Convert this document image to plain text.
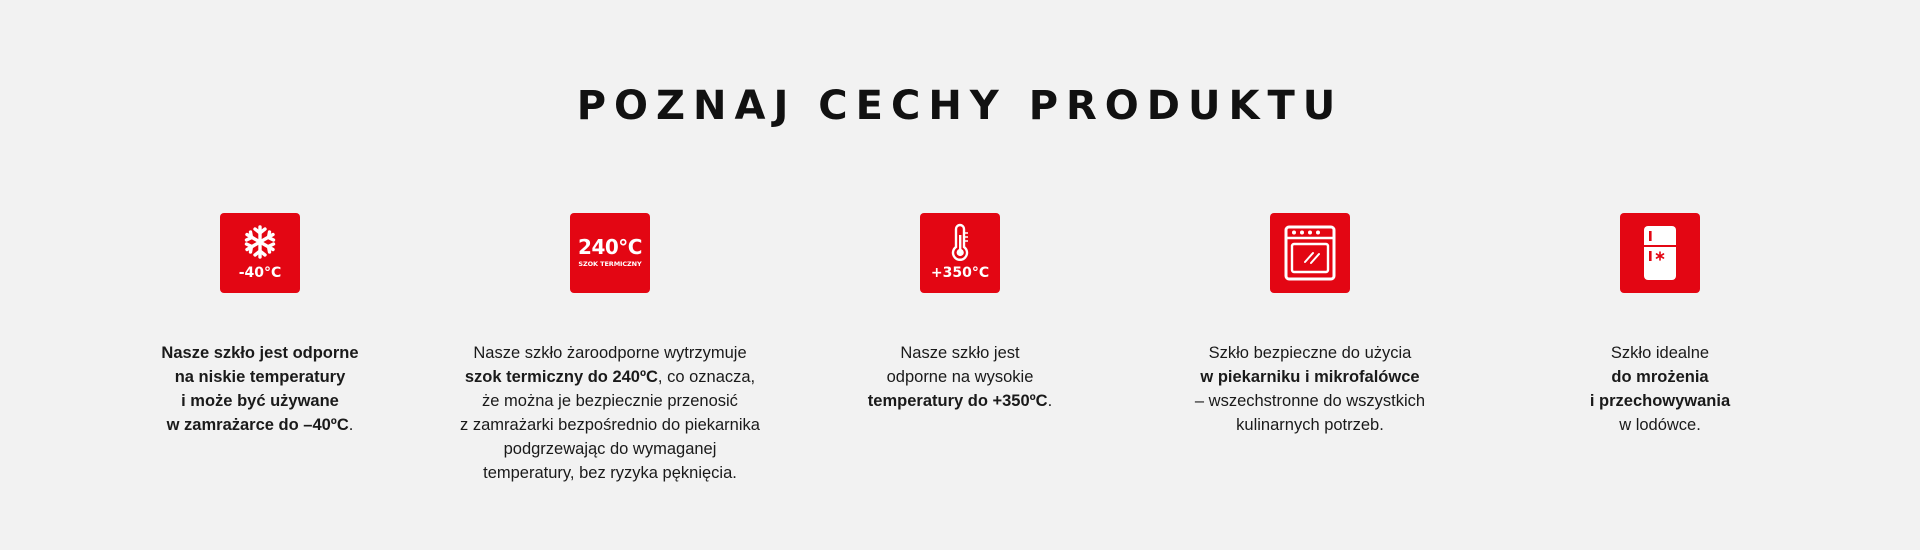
POZNAJ CECHY PRODUKTU
-40°C
Nasze szkło jest odporne
na niskie temperatury
i może być używane
w zamrażarce do –40ºC.
240°C
SZOK TERMICZNY
Nasze szkło żaroodporne wytrzymuje
szok termiczny do 240ºC, co oznacza,
że można je bezpiecznie przenosić
z zamrażarki bezpośrednio do piekarnika
podgrzewając do wymaganej
temperatury, bez ryzyka pęknięcia.
+350°C
Nasze szkło jest
odporne na wysokie
temperatury do +350ºC.
Szkło bezpieczne do użycia
w piekarniku i mikrofalówce
– wszechstronne do wszystkich
kulinarnych potrzeb.
Szkło idealne
do mrożenia
i przechowywania
w lodówce.
